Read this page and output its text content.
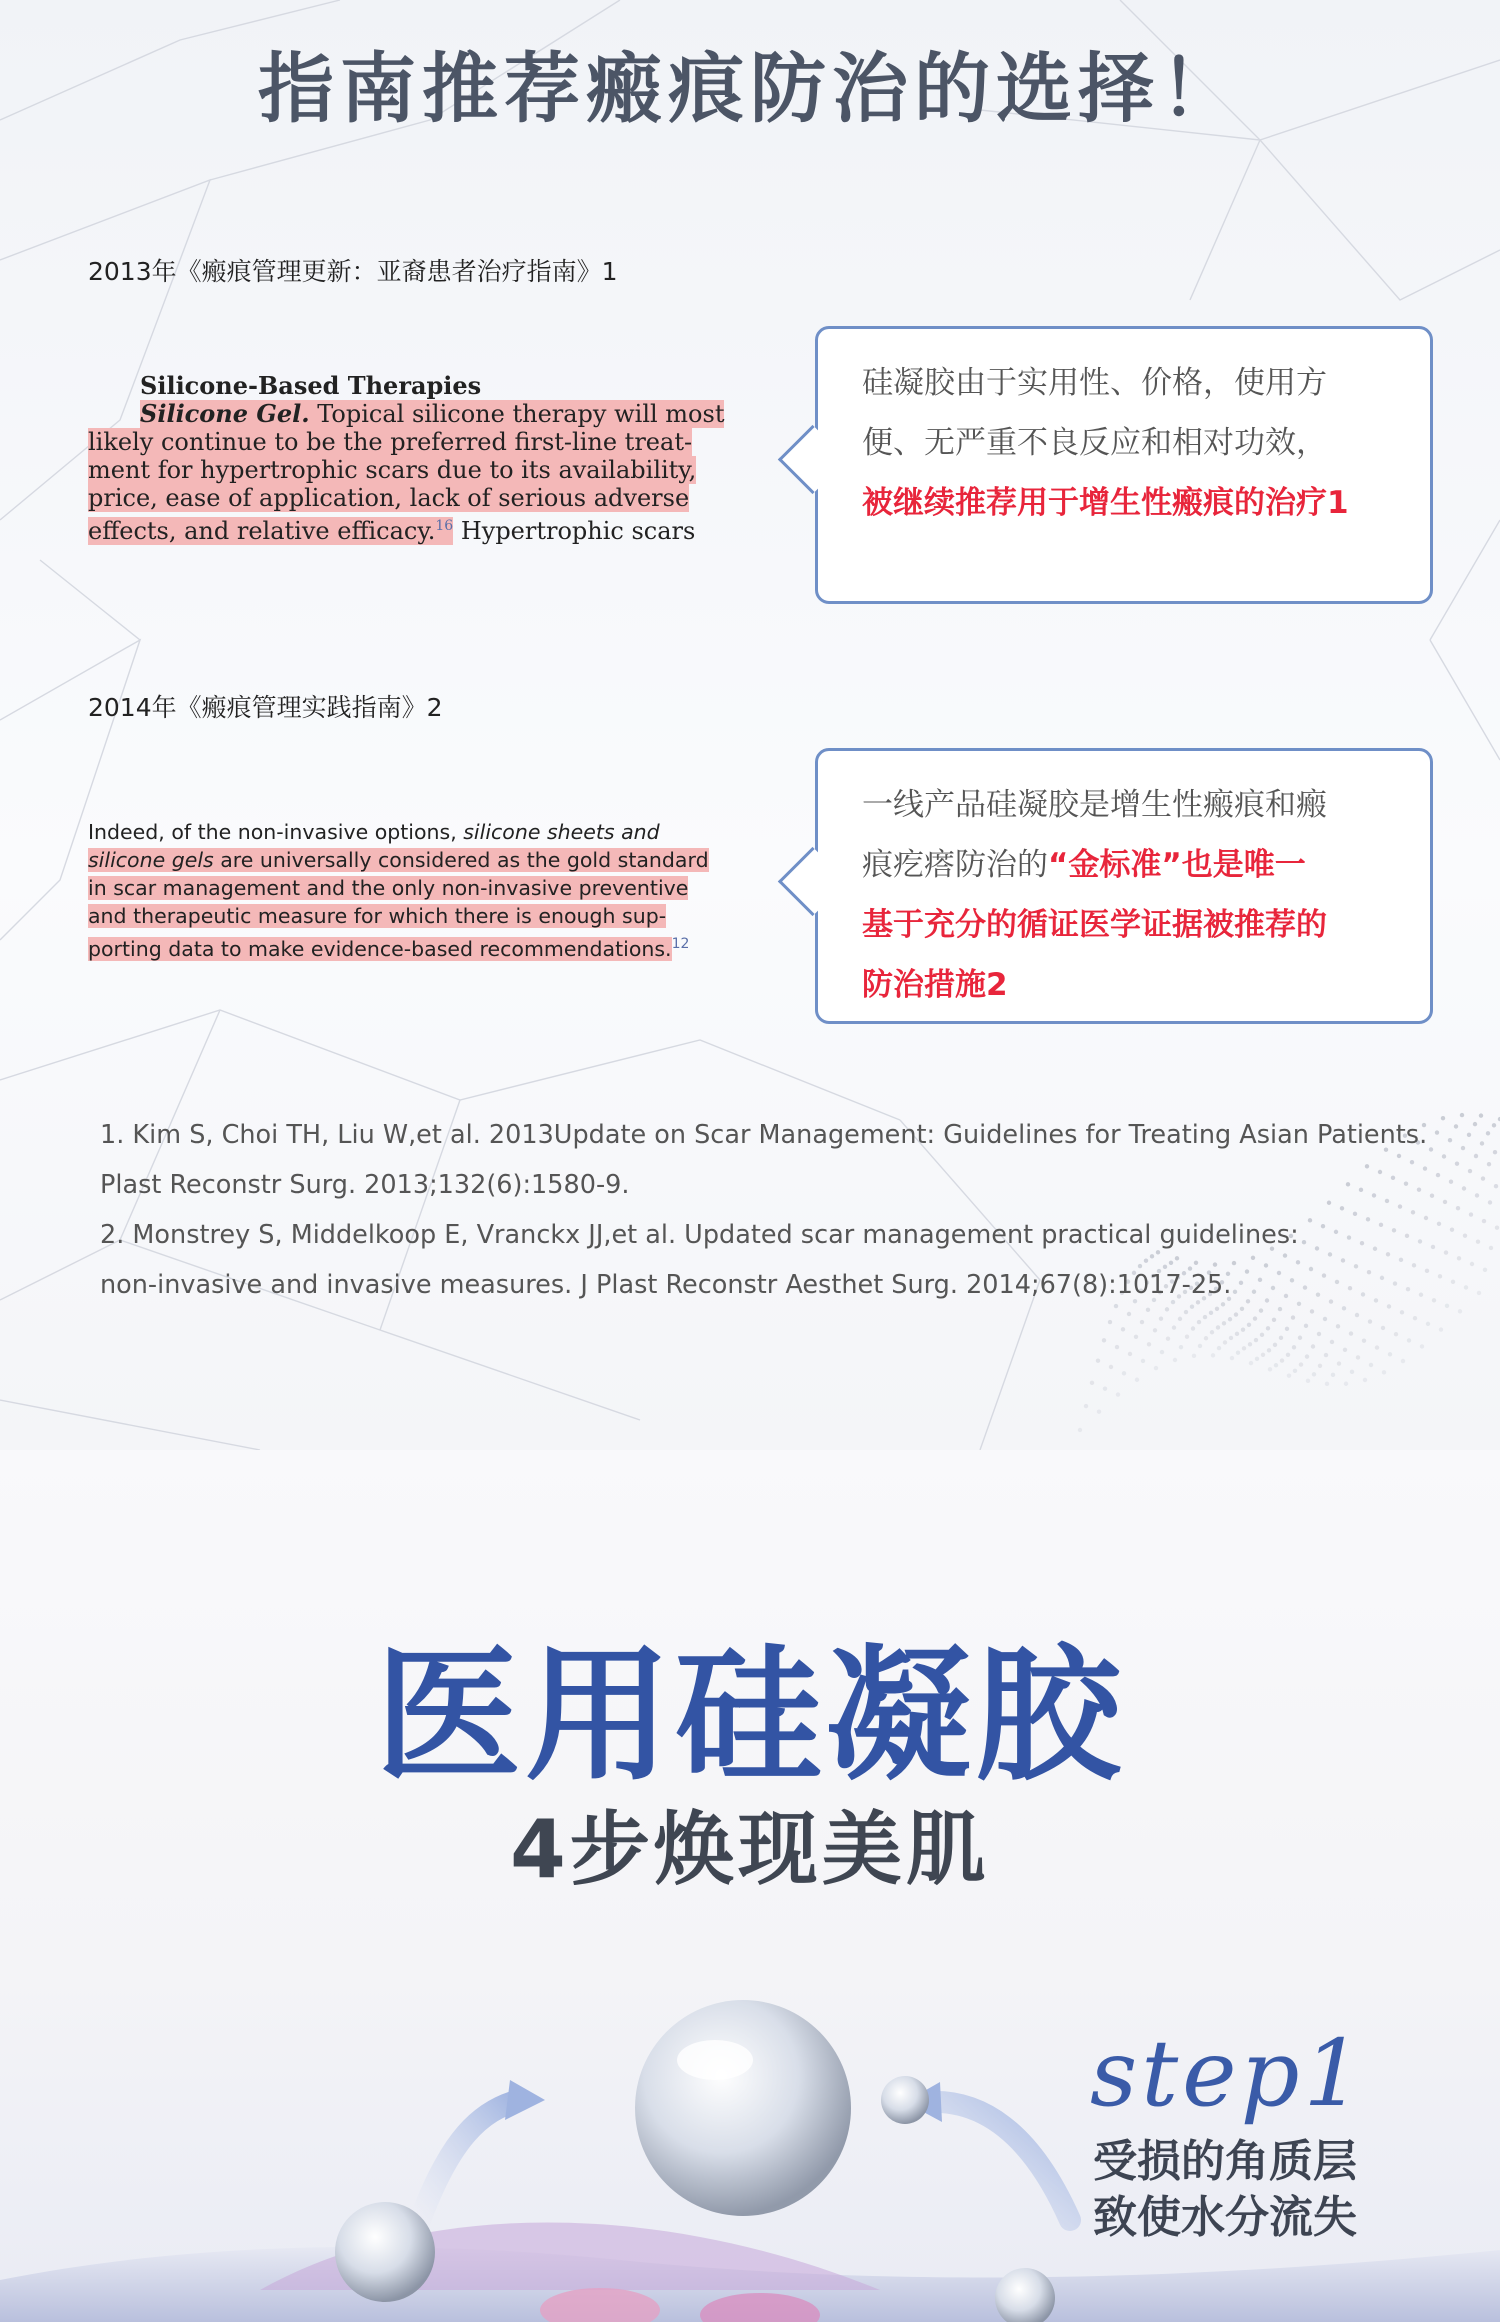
指南推荐瘢痕防治的选择！
2013年《瘢痕管理更新：亚裔患者治疗指南》1
Silicone-Based Therapies
Silicone Gel. Topical silicone therapy will most
likely continue to be the preferred first-line treat-
ment for hypertrophic scars due to its availability,
price, ease of application, lack of serious adverse
effects, and relative efficacy.$^{16}$ Hypertrophic scars
硅凝胶由于实用性、价格，使用方
便、无严重不良反应和相对功效，
被继续推荐用于增生性瘢痕的治疗1
2014年《瘢痕管理实践指南》2
Indeed, of the non-invasive options, silicone sheets and
silicone gels are universally considered as the gold standard
in scar management and the only non-invasive preventive
and therapeutic measure for which there is enough sup-
porting data to make evidence-based recommendations.$^{12}$
一线产品硅凝胶是增生性瘢痕和瘢
痕疙瘩防治的“金标准”也是唯一
基于充分的循证医学证据被推荐的
防治措施2
1. Kim S, Choi TH, Liu W,et al. 2013Update on Scar Management: Guidelines for Treating Asian Patients.
Plast Reconstr Surg. 2013;132(6):1580-9.
2. Monstrey S, Middelkoop E, Vranckx JJ,et al. Updated scar management practical guidelines:
non-invasive and invasive measures. J Plast Reconstr Aesthet Surg. 2014;67(8):1017-25.
医用硅凝胶
4步焕现美肌
step1
受损的角质层
致使水分流失
